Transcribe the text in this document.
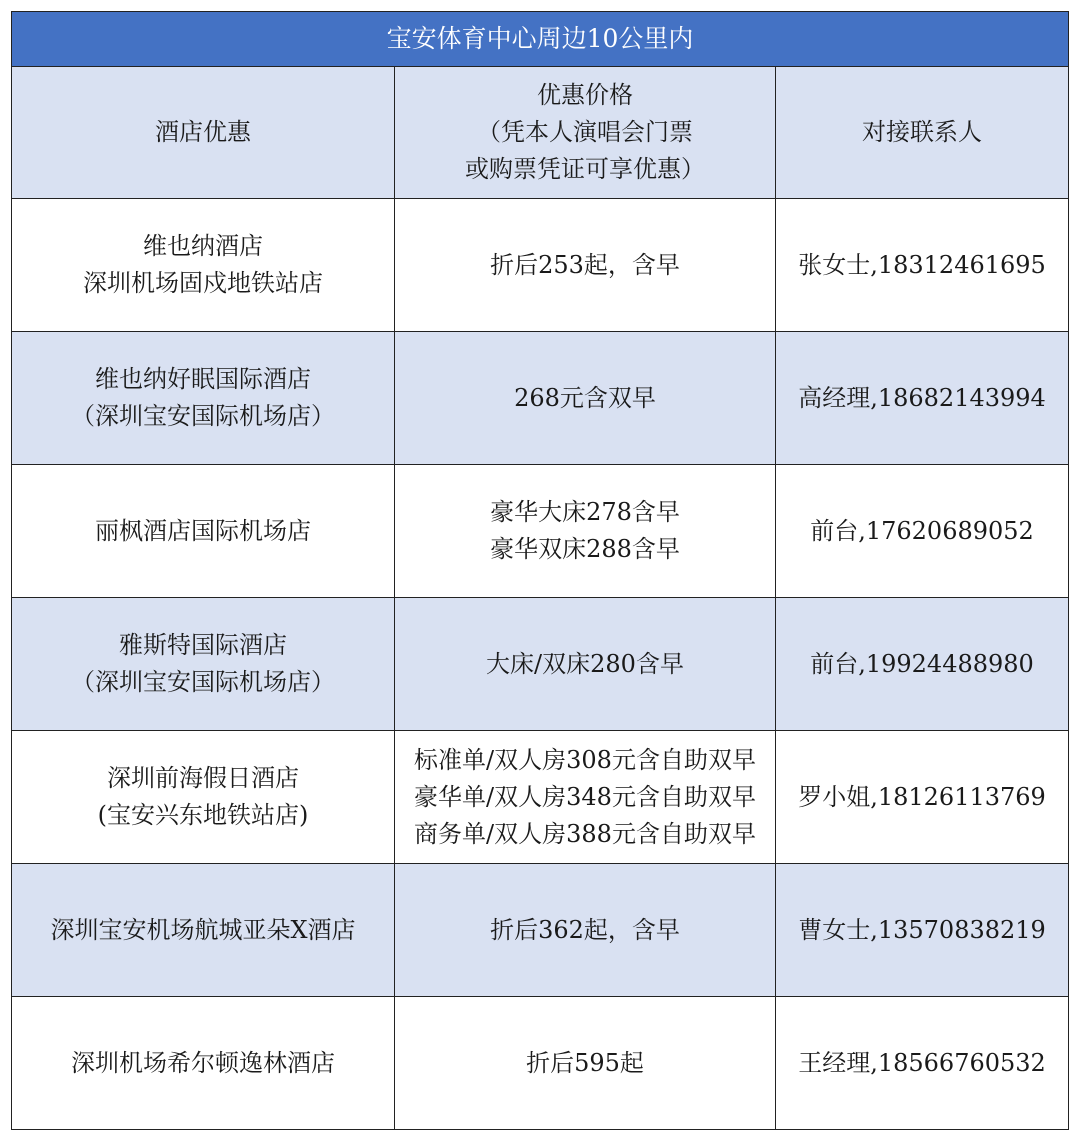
宝安体育中心周边10公里内		
酒店优惠	优惠价格
（凭本人演唱会门票
或购票凭证可享优惠）	对接联系人

维也纳酒店
深圳机场固戍地铁站店	折后253起，含早	张女士,18312461695

维也纳好眠国际酒店
（深圳宝安国际机场店）	268元含双早	高经理,18682143994

丽枫酒店国际机场店	豪华大床278含早
豪华双床288含早	前台,17620689052

雅斯特国际酒店
（深圳宝安国际机场店）	大床/双床280含早	前台,19924488980

深圳前海假日酒店
(宝安兴东地铁站店)	标准单/双人房308元含自助双早
豪华单/双人房348元含自助双早
商务单/双人房388元含自助双早	罗小姐,18126113769

深圳宝安机场航城亚朵X酒店	折后362起，含早	曹女士,13570838219

深圳机场希尔顿逸林酒店	折后595起	王经理,18566760532
